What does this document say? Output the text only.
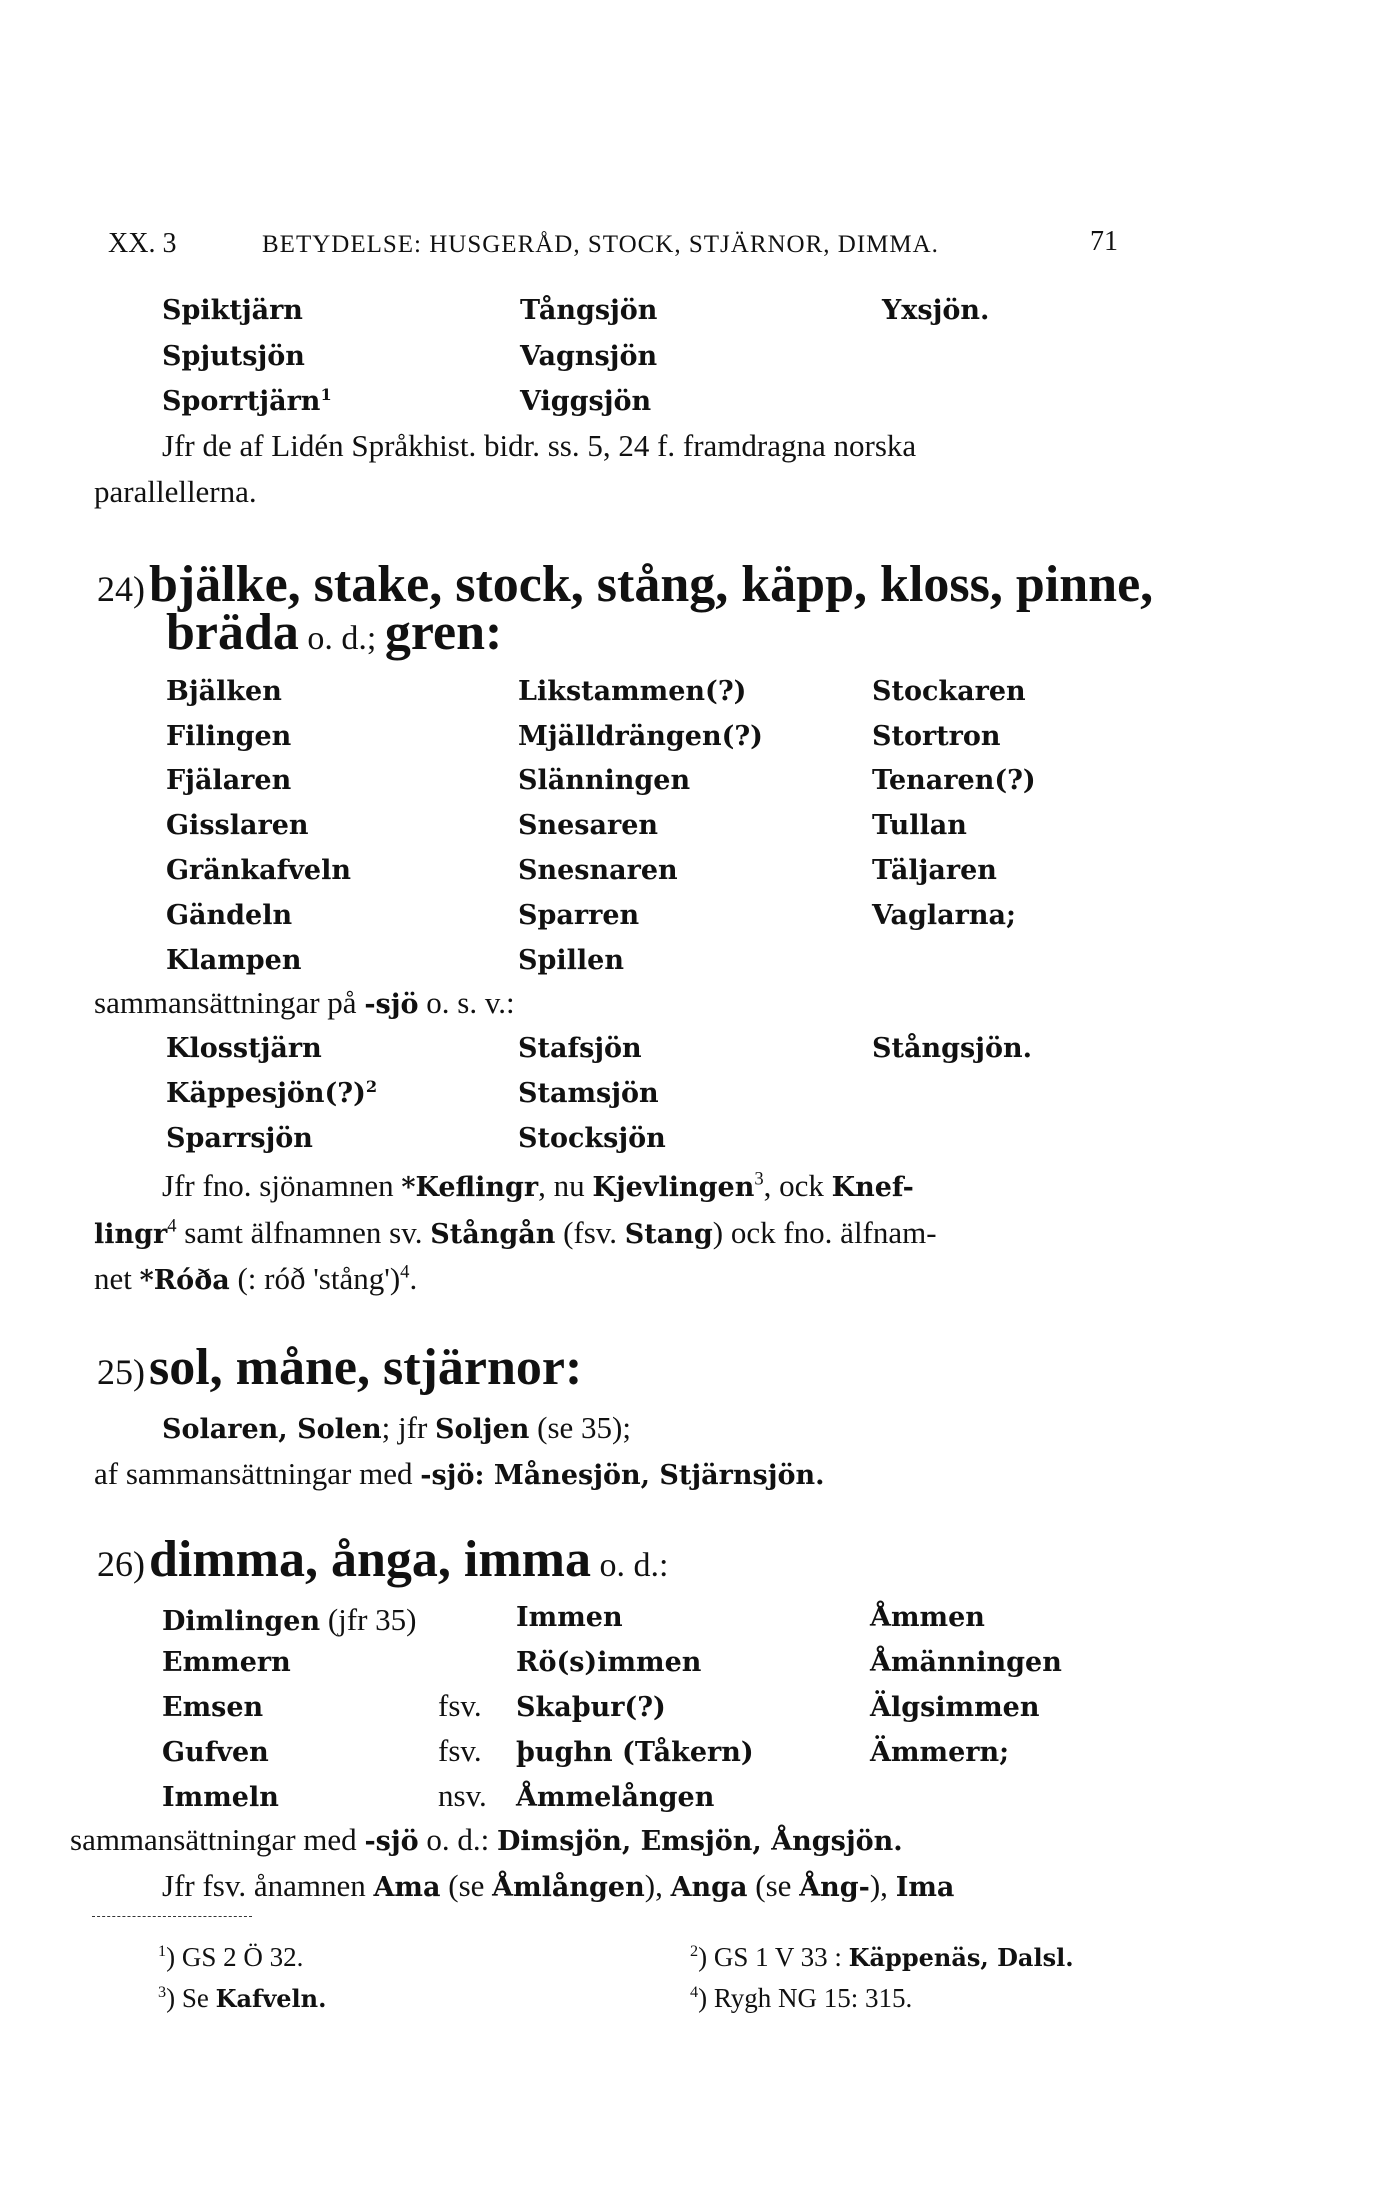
XX. 3	BETYDELSE: HUSGERÅD, STOCK, STJÄRNOR, DIMMA.	71
Spiktjärn
Spjutsjön
Sporrtjärn$^1$
Tångsjön
Vagnsjön
Viggsjön
Yxsjön.
Jfr de af Lidén Språkhist. bidr. ss. 5, 24 f. framdragna norska
parallellerna.
24) bjälke, stake, stock, stång, käpp, kloss, pinne,
bräda o. d.; gren:
Bjälken
Filingen
Fjälaren
Gisslaren
Gränkafveln
Gändeln
Klampen
Likstammen(?)
Mjälldrängen(?)
Slänningen
Snesaren
Snesnaren
Sparren
Spillen
Stockaren
Stortron
Tenaren(?)
Tullan
Täljaren
Vaglarna;
sammansättningar på -sjö o. s. v.:
Klosstjärn
Käppesjön(?)$^2$
Sparrsjön
Stafsjön
Stamsjön
Stocksjön
Stångsjön.
Jfr fno. sjönamnen *Keflingr, nu Kjevlingen$^3$, ock Knef-
lingr$^4$ samt älfnamnen sv. Stångån (fsv. Stang) ock fno. älfnam-
net *Róða (: róð 'stång')$^4$.
25) sol, måne, stjärnor:
Solaren, Solen; jfr Soljen (se 35);
af sammansättningar med -sjö: Månesjön, Stjärnsjön.
26) dimma, ånga, imma o. d.:
Dimlingen (jfr 35)
Emmern
Emsen
Gufven
Immeln
fsv.
fsv.
nsv.
Immen
Rö(s)immen
Skaþur(?)
þughn (Tåkern)
Åmmelången
Åmmen
Åmänningen
Älgsimmen
Ämmern;
sammansättningar med -sjö o. d.: Dimsjön, Emsjön, Ångsjön.
Jfr fsv. ånamnen Ama (se Åmlången), Anga (se Ång-), Ima
$^1$) GS 2 Ö 32.
$^3$) Se Kafveln.
$^2$) GS 1 V 33 : Käppenäs, Dalsl.
$^4$) Rygh NG 15: 315.
